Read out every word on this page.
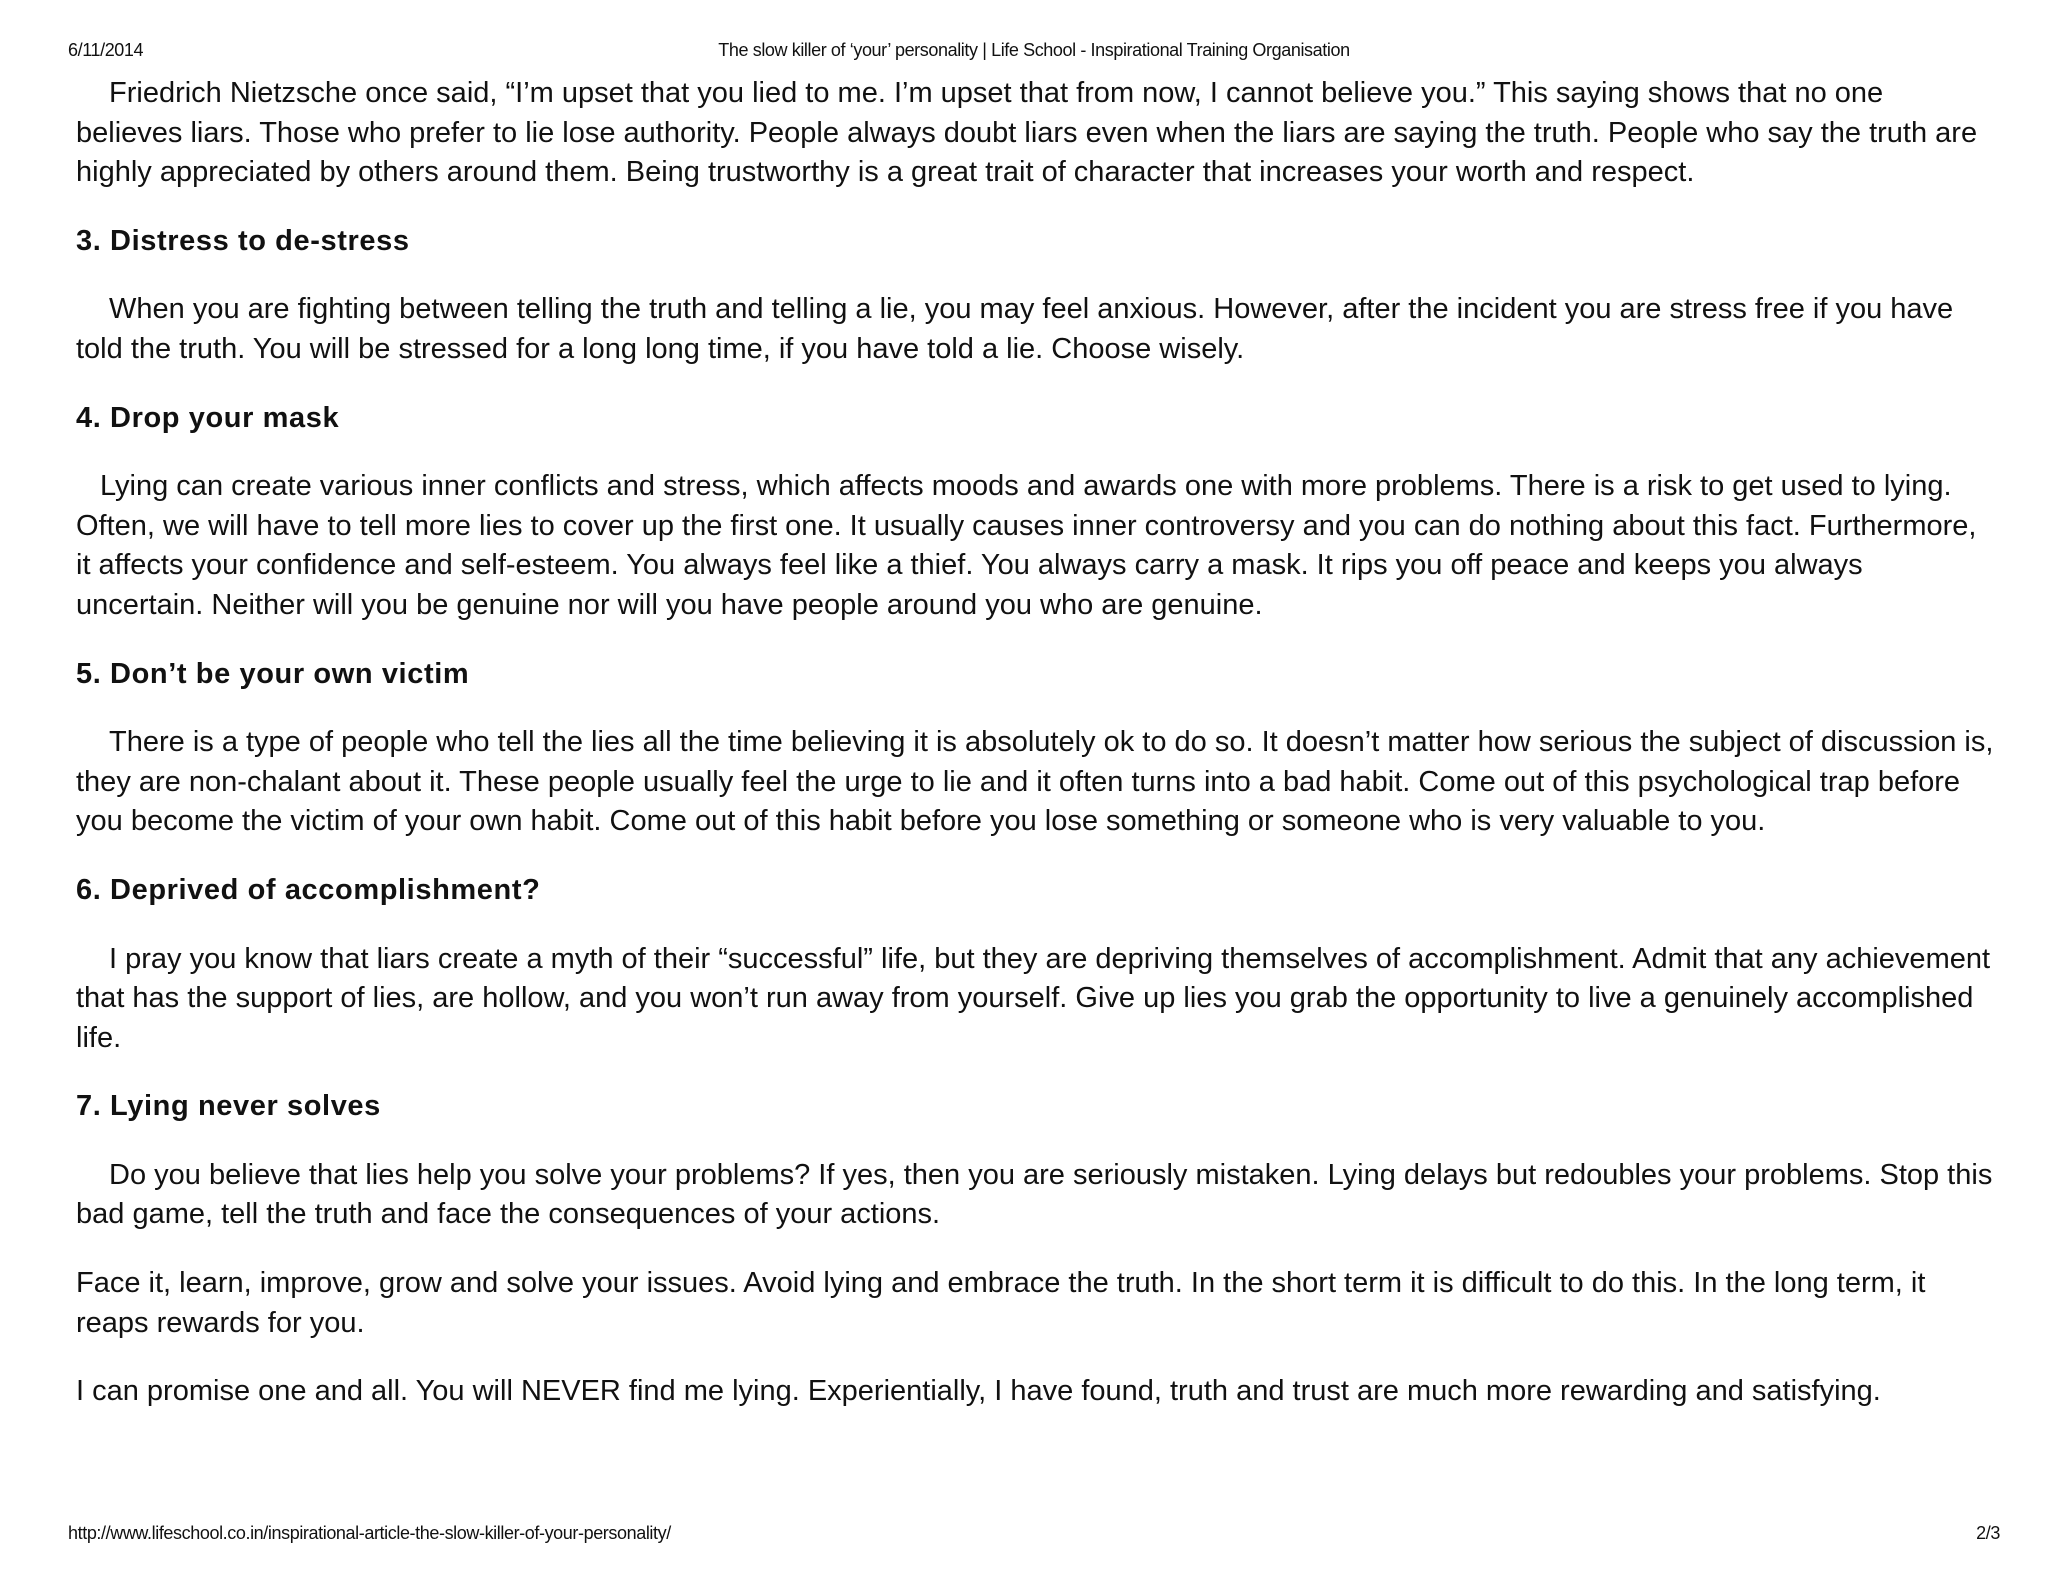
6/11/2014	The slow killer of ‘your’ personality | Life School - Inspirational Training Organisation

Friedrich Nietzsche once said, “I’m upset that you lied to me. I’m upset that from now, I cannot believe you.” This saying shows that no one believes liars. Those who prefer to lie lose authority. People always doubt liars even when the liars are saying the truth. People who say the truth are highly appreciated by others around them. Being trustworthy is a great trait of character that increases your worth and respect.

3. Distress to de-stress

When you are fighting between telling the truth and telling a lie, you may feel anxious. However, after the incident you are stress free if you have told the truth. You will be stressed for a long long time, if you have told a lie. Choose wisely.

4. Drop your mask

Lying can create various inner conflicts and stress, which affects moods and awards one with more problems. There is a risk to get used to lying. Often, we will have to tell more lies to cover up the first one. It usually causes inner controversy and you can do nothing about this fact. Furthermore, it affects your confidence and self-esteem. You always feel like a thief. You always carry a mask. It rips you off peace and keeps you always uncertain. Neither will you be genuine nor will you have people around you who are genuine.

5. Don’t be your own victim

There is a type of people who tell the lies all the time believing it is absolutely ok to do so. It doesn’t matter how serious the subject of discussion is, they are non-chalant about it. These people usually feel the urge to lie and it often turns into a bad habit. Come out of this psychological trap before you become the victim of your own habit. Come out of this habit before you lose something or someone who is very valuable to you.

6. Deprived of accomplishment?

I pray you know that liars create a myth of their “successful” life, but they are depriving themselves of accomplishment. Admit that any achievement that has the support of lies, are hollow, and you won’t run away from yourself. Give up lies you grab the opportunity to live a genuinely accomplished life.

7. Lying never solves

Do you believe that lies help you solve your problems? If yes, then you are seriously mistaken. Lying delays but redoubles your problems. Stop this bad game, tell the truth and face the consequences of your actions.

Face it, learn, improve, grow and solve your issues. Avoid lying and embrace the truth. In the short term it is difficult to do this. In the long term, it reaps rewards for you.

I can promise one and all. You will NEVER find me lying. Experientially, I have found, truth and trust are much more rewarding and satisfying.

http://www.lifeschool.co.in/inspirational-article-the-slow-killer-of-your-personality/	2/3
